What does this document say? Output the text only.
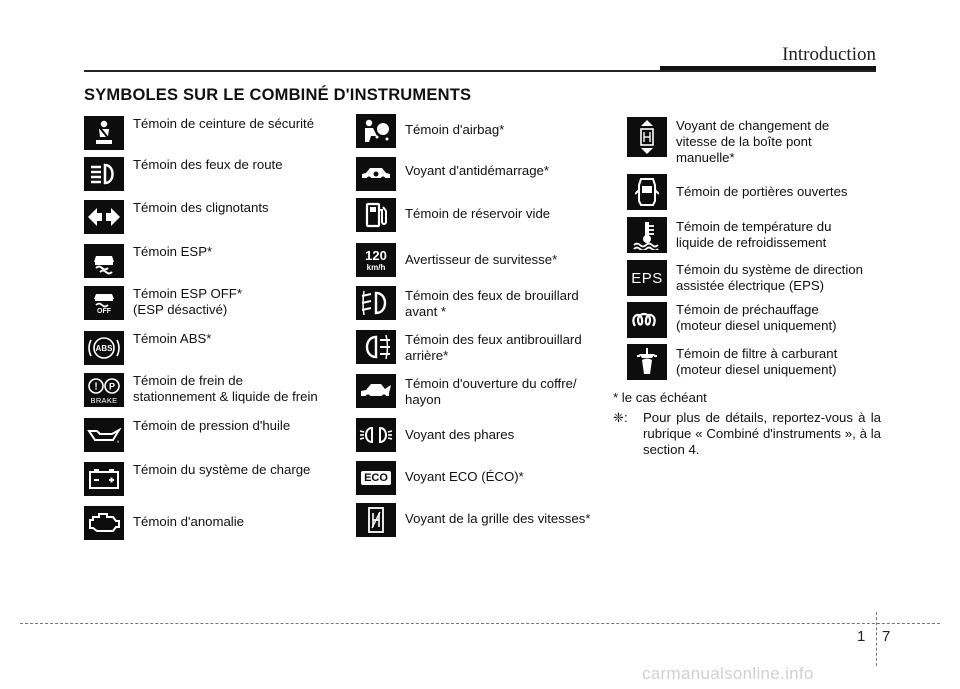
Introduction
SYMBOLES SUR LE COMBINÉ D'INSTRUMENTS
Témoin de ceinture de sécurité
Témoin des feux de route
Témoin des clignotants
Témoin ESP*
OFF
Témoin ESP OFF*
(ESP désactivé)
ABS
Témoin ABS*
! P
BRAKE
Témoin de frein de
stationnement & liquide de frein
Témoin de pression d'huile
Témoin du système de charge
Témoin d'anomalie
Témoin d'airbag*
Voyant d'antidémarrage*
Témoin de réservoir vide
120
km/h Avertisseur de survitesse*
Témoin des feux de brouillard
avant *
Témoin des feux antibrouillard
arrière*
Témoin d'ouverture du coffre/
hayon
Voyant des phares
ECO Voyant ECO (ÉCO)*
Voyant de la grille des vitesses*
Voyant de changement de
vitesse de la boîte pont
manuelle*
Témoin de portières ouvertes
Témoin de température du
liquide de refroidissement
EPS Témoin du système de direction
assistée électrique (EPS)
Témoin de préchauffage
(moteur diesel uniquement)
Témoin de filtre à carburant
(moteur diesel uniquement)
* le cas échéant
❈:	Pour plus de détails, reportez-vous à la rubrique « Combiné d'instruments », à la section 4.
1 7
carmanualsonline.info
